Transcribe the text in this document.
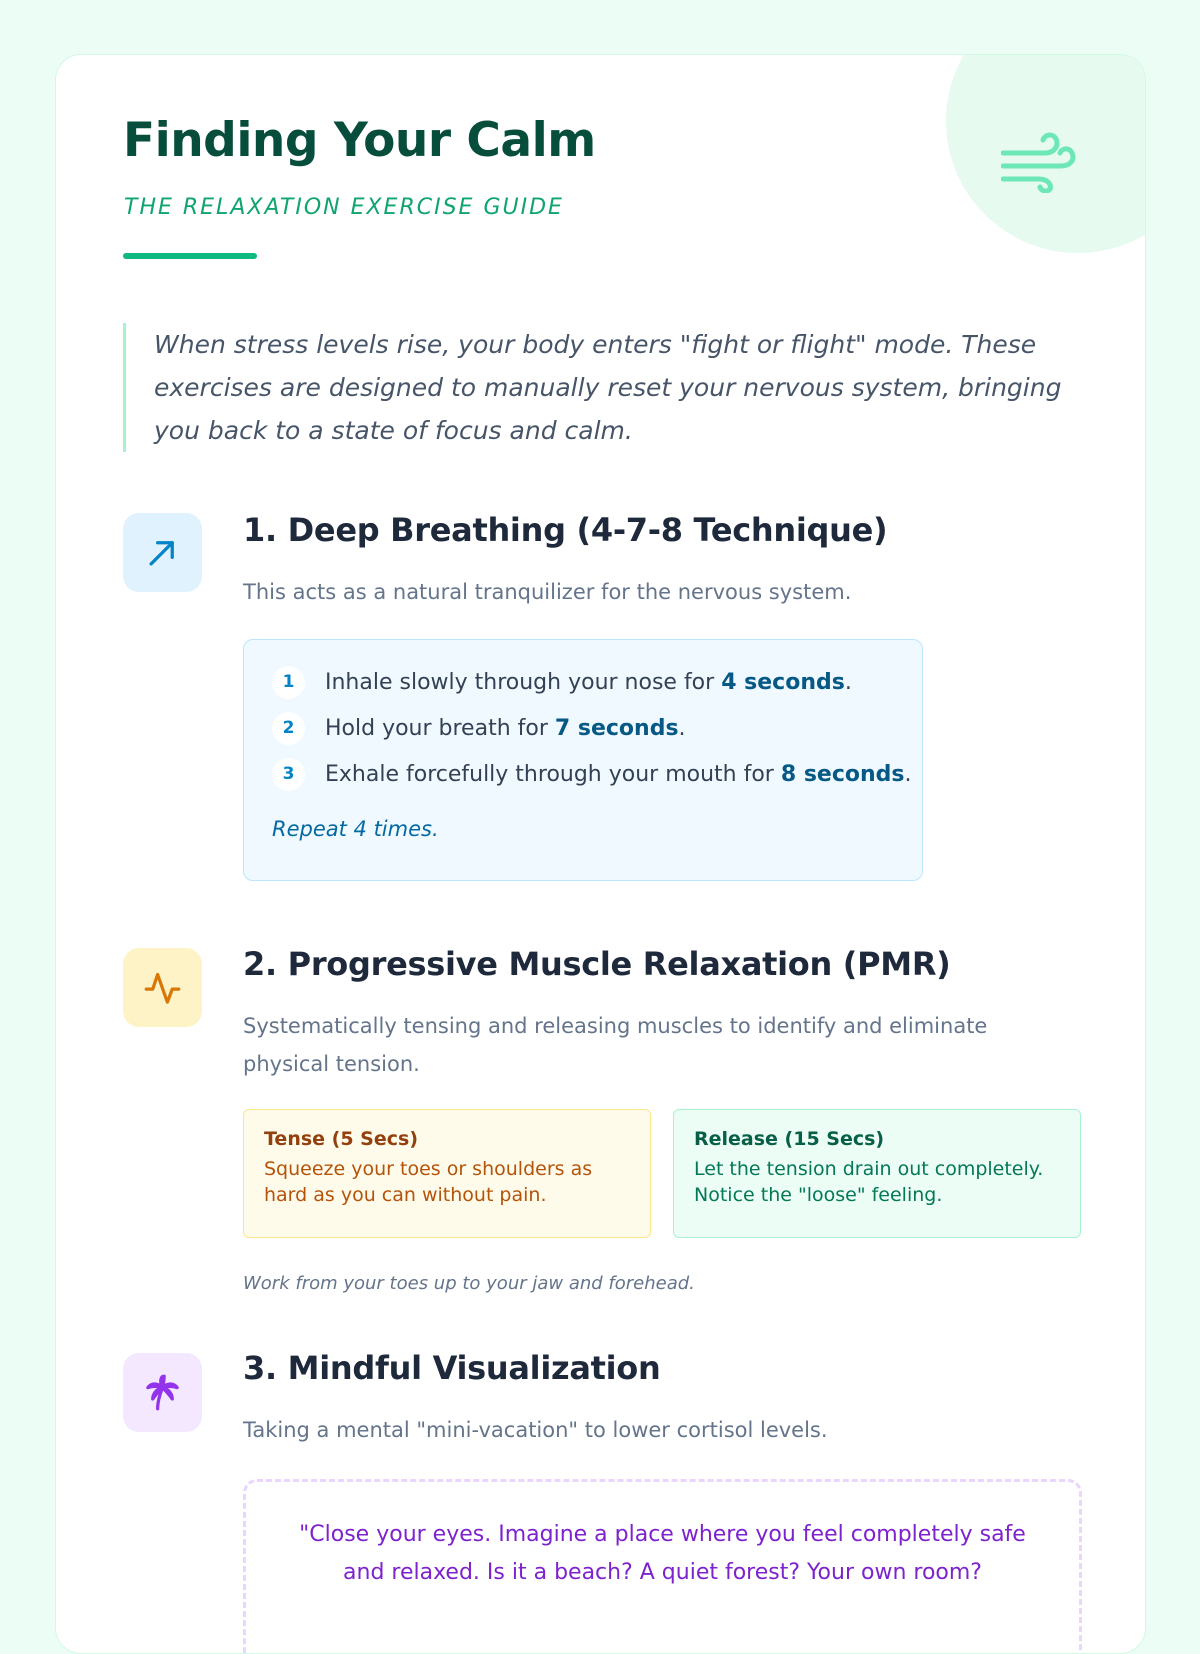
Finding Your Calm
THE RELAXATION EXERCISE GUIDE
When stress levels rise, your body enters "fight or flight" mode. These exercises are designed to manually reset your nervous system, bringing you back to a state of focus and calm.
1. Deep Breathing (4-7-8 Technique)
This acts as a natural tranquilizer for the nervous system.
1	Inhale slowly through your nose for 4 seconds.
2	Hold your breath for 7 seconds.
3	Exhale forcefully through your mouth for 8 seconds.
Repeat 4 times.
2. Progressive Muscle Relaxation (PMR)
Systematically tensing and releasing muscles to identify and eliminate physical tension.
Tense (5 Secs)
Squeeze your toes or shoulders as hard as you can without pain.
Release (15 Secs)
Let the tension drain out completely. Notice the "loose" feeling.
Work from your toes up to your jaw and forehead.
3. Mindful Visualization
Taking a mental "mini-vacation" to lower cortisol levels.
"Close your eyes. Imagine a place where you feel completely safe and relaxed. Is it a beach? A quiet forest? Your own room?
